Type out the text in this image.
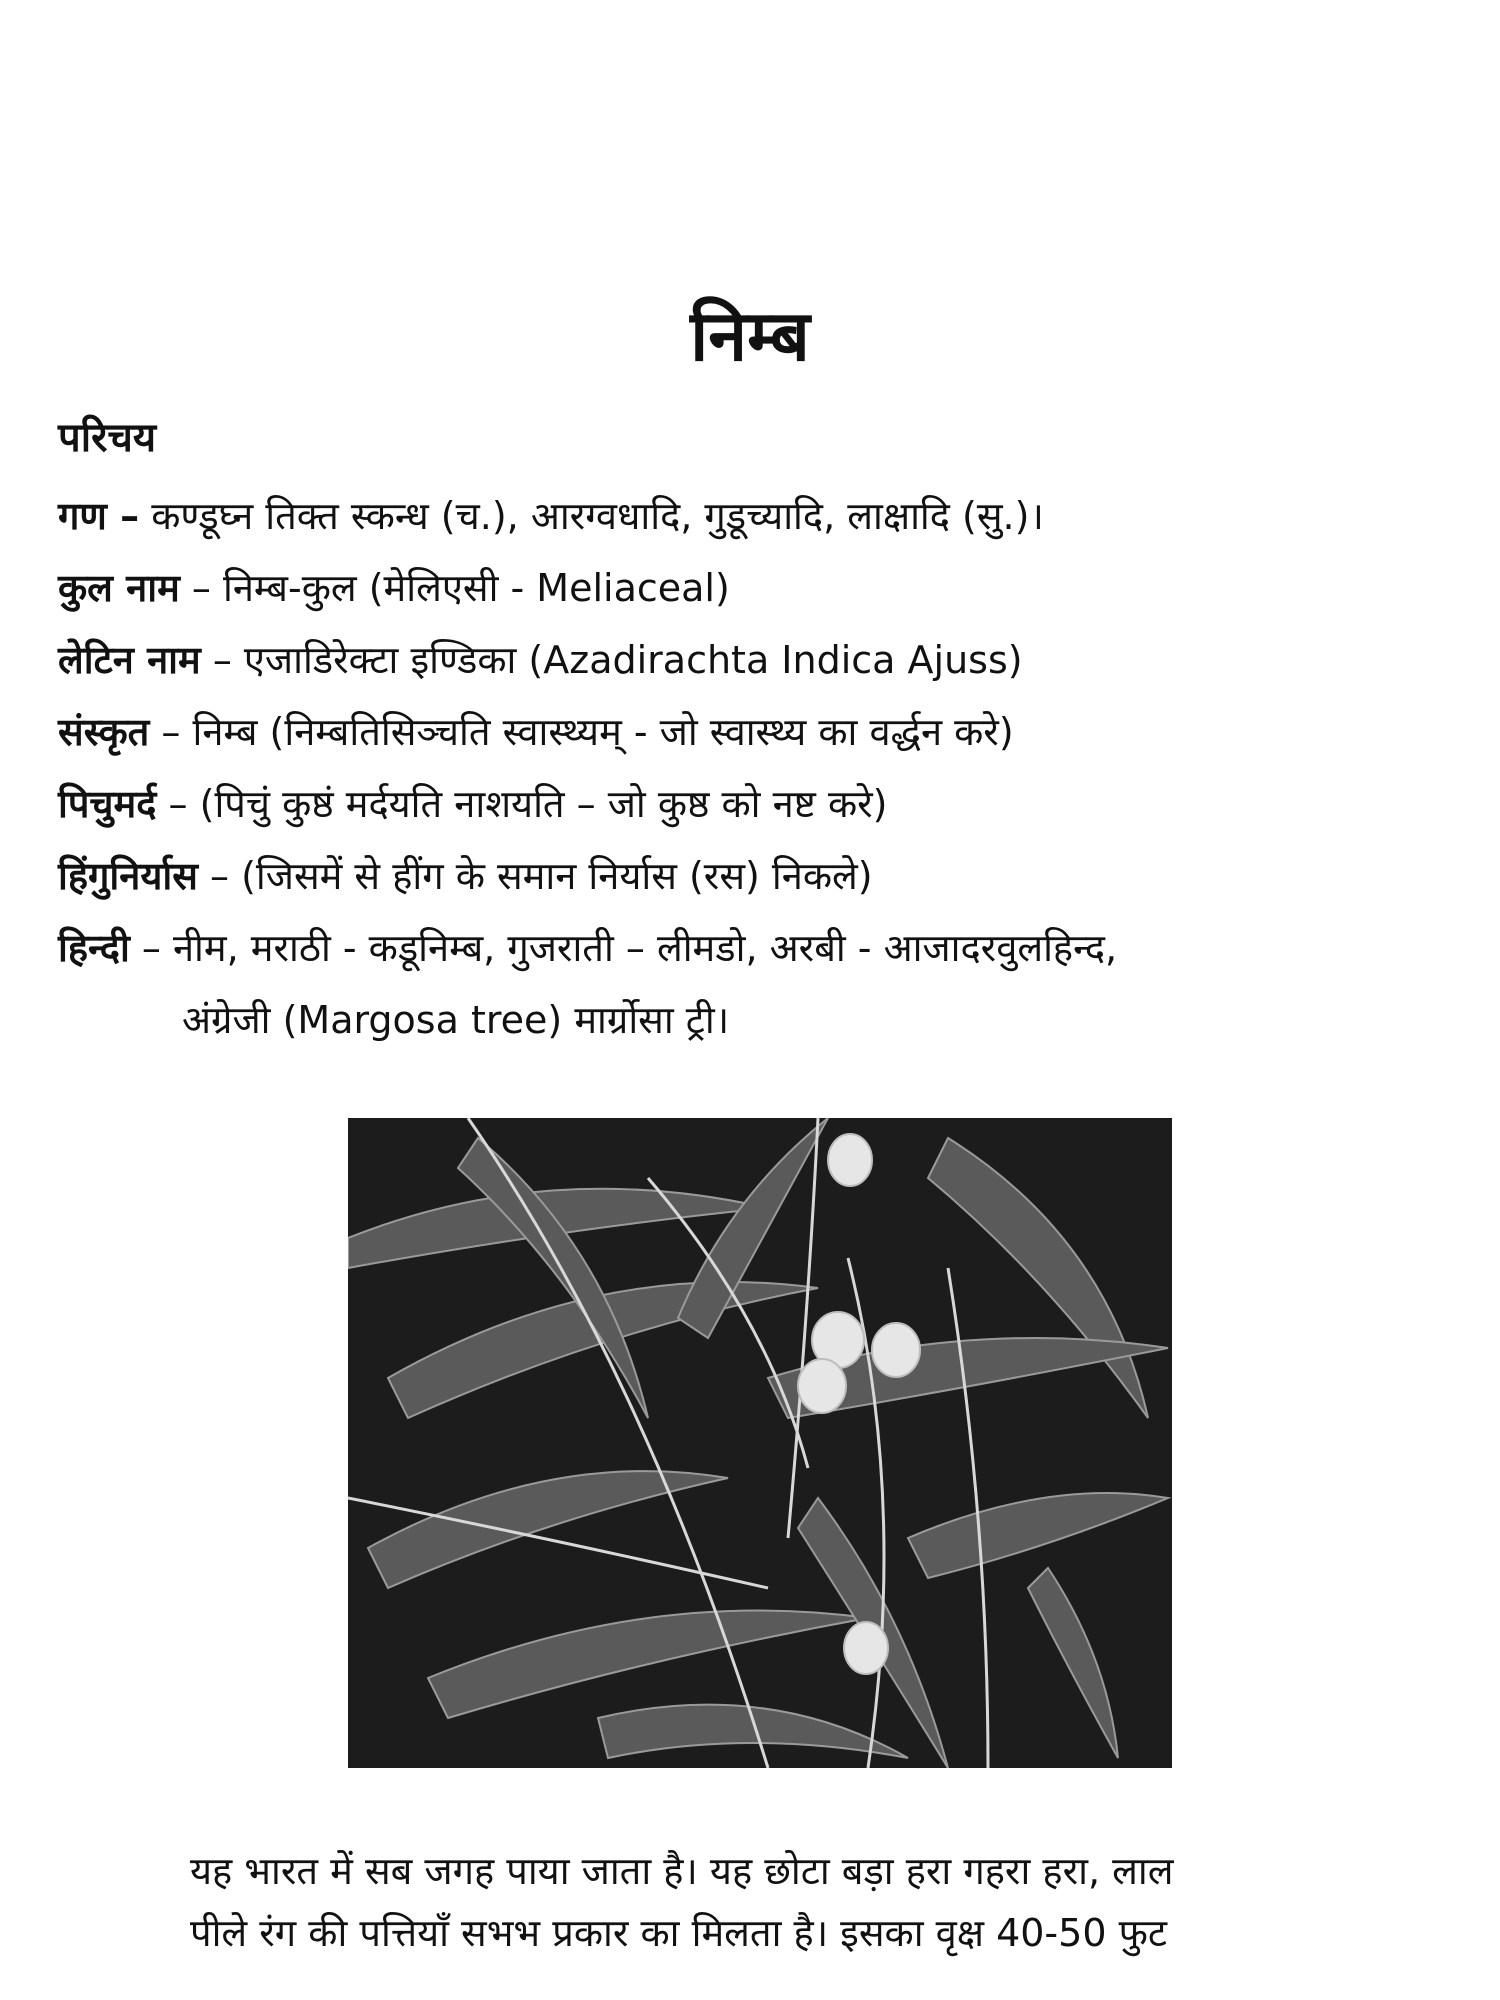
निम्ब
परिचय
गण – कण्डूघ्न तिक्त स्कन्ध (च.), आरग्वधादि, गुडूच्यादि, लाक्षादि (सु.)।
कुल नाम – निम्ब-कुल (मेलिएसी - Meliaceal)
लेटिन नाम – एजाडिरेक्टा इण्डिका (Azadirachta Indica Ajuss)
संस्कृत – निम्ब (निम्बतिसिञ्चति स्वास्थ्यम् - जो स्वास्थ्य का वर्द्धन करे)
पिचुमर्द – (पिचुं कुष्ठं मर्दयति नाशयति – जो कुष्ठ को नष्ट करे)
हिंगुनिर्यास – (जिसमें से हींग के समान निर्यास (रस) निकले)
हिन्दी – नीम, मराठी - कडूनिम्ब, गुजराती – लीमडो, अरबी - आजादरवुलहिन्द,
अंग्रेजी (Margosa tree) मार्ग्रोसा ट्री।
यह भारत में सब जगह पाया जाता है। यह छोटा बड़ा हरा गहरा हरा, लाल
पीले रंग की पत्तियाँ सभभ प्रकार का मिलता है। इसका वृक्ष 40-50 फुट
